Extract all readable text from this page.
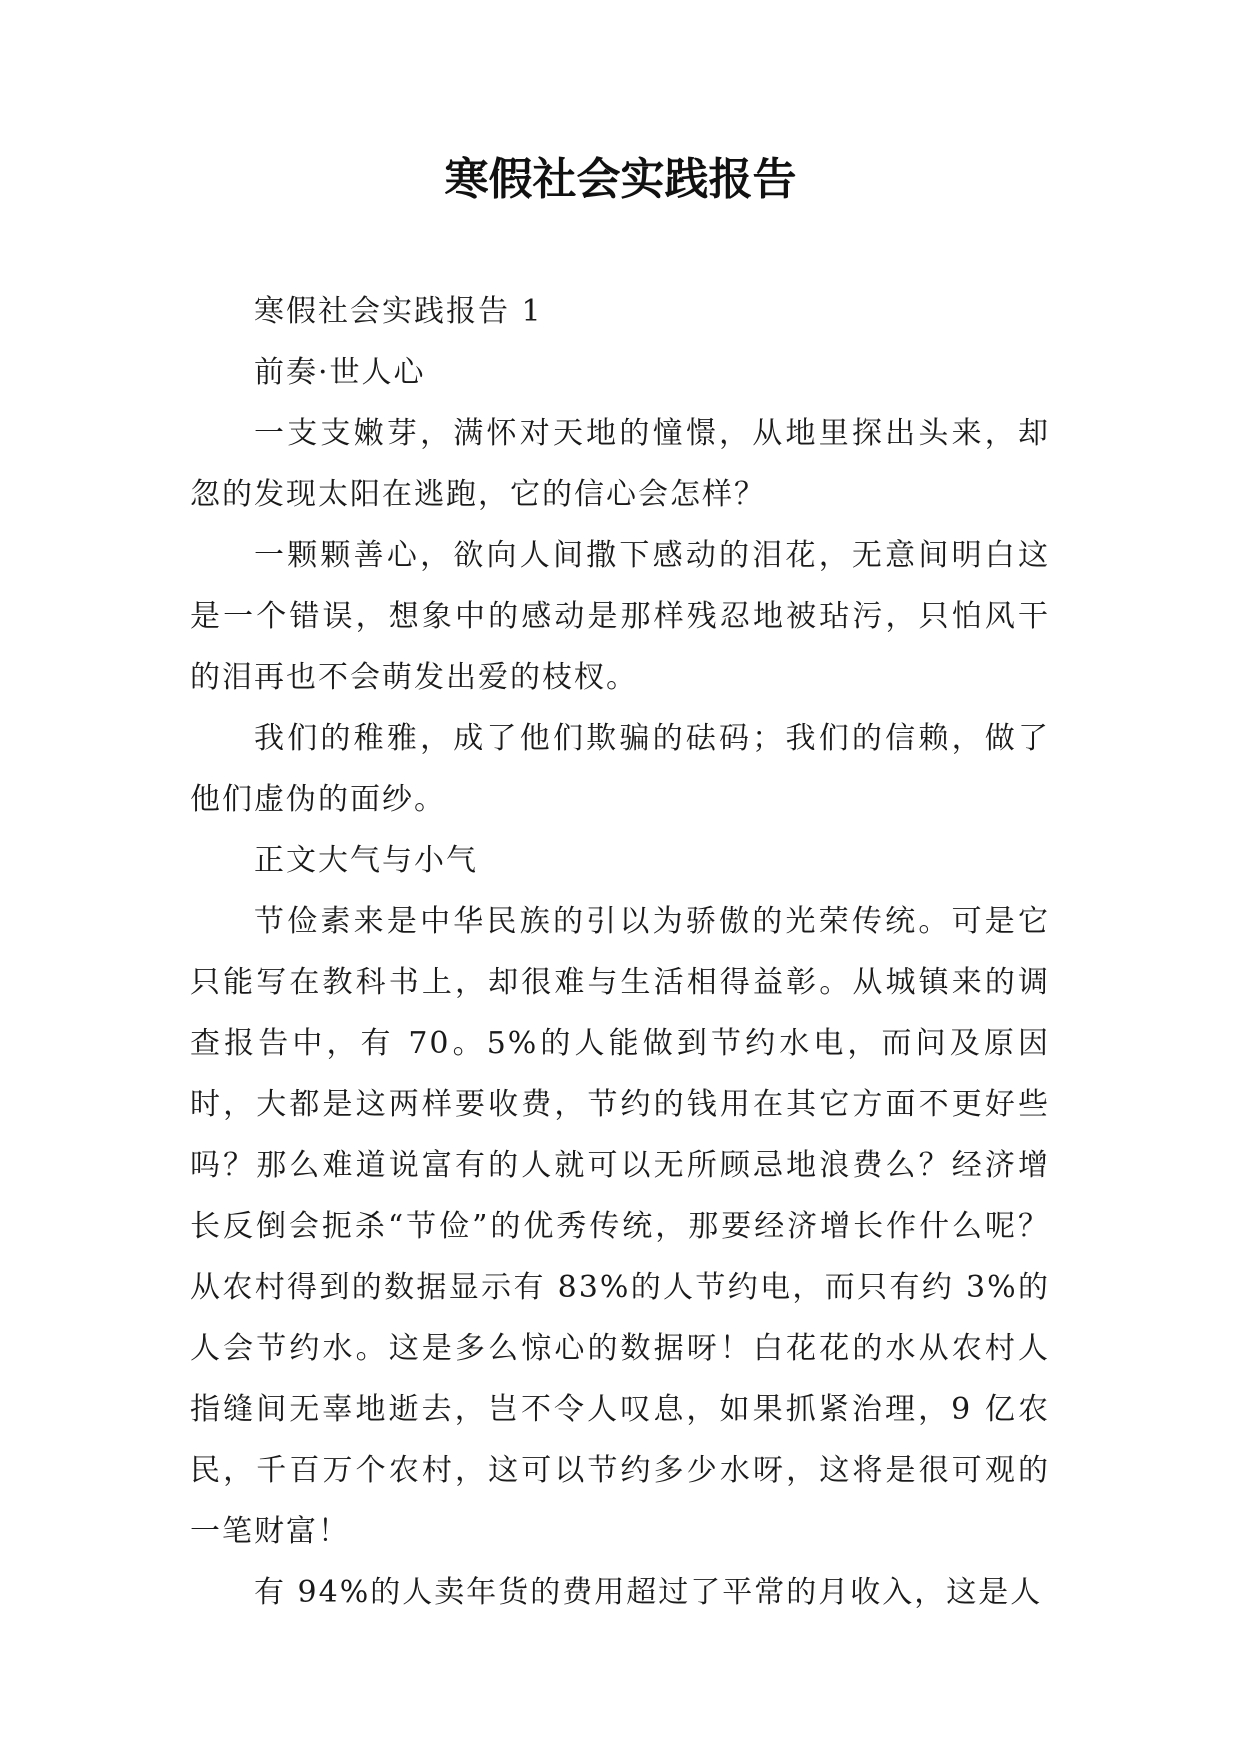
寒假社会实践报告

寒假社会实践报告 1

前奏·世人心

一支支嫩芽，满怀对天地的憧憬，从地里探出头来，却忽的发现太阳在逃跑，它的信心会怎样？

一颗颗善心，欲向人间撒下感动的泪花，无意间明白这是一个错误，想象中的感动是那样残忍地被玷污，只怕风干的泪再也不会萌发出爱的枝杈。

我们的稚雅，成了他们欺骗的砝码；我们的信赖，做了他们虚伪的面纱。

正文大气与小气

节俭素来是中华民族的引以为骄傲的光荣传统。可是它只能写在教科书上，却很难与生活相得益彰。从城镇来的调查报告中，有 70。5%的人能做到节约水电，而问及原因时，大都是这两样要收费，节约的钱用在其它方面不更好些吗？那么难道说富有的人就可以无所顾忌地浪费么？经济增长反倒会扼杀“节俭”的优秀传统，那要经济增长作什么呢？从农村得到的数据显示有 83%的人节约电，而只有约 3%的人会节约水。这是多么惊心的数据呀！白花花的水从农村人指缝间无辜地逝去，岂不令人叹息，如果抓紧治理，9 亿农民，千百万个农村，这可以节约多少水呀，这将是很可观的一笔财富！

有 94%的人卖年货的费用超过了平常的月收入，这是人
